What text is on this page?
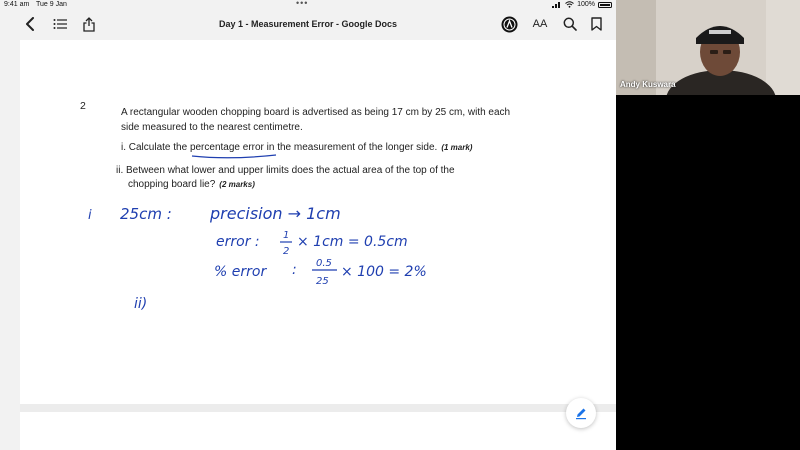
9:41 am Tue 9 Jan	•••	100%
Day 1 - Measurement Error - Google Docs	AA
2
A rectangular wooden chopping board is advertised as being 17 cm by 25 cm, with each side measured to the nearest centimetre.
i. Calculate the percentage error in the measurement of the longer side. (1 mark)
ii. Between what lower and upper limits does the actual area of the top of the
chopping board lie? (2 marks)
i 25cm : precision → 1cm
error : 1
2
× 1cm = 0.5cm
% error : 0.5
25
× 100 = 2%
ii)
Andy Kuswara
